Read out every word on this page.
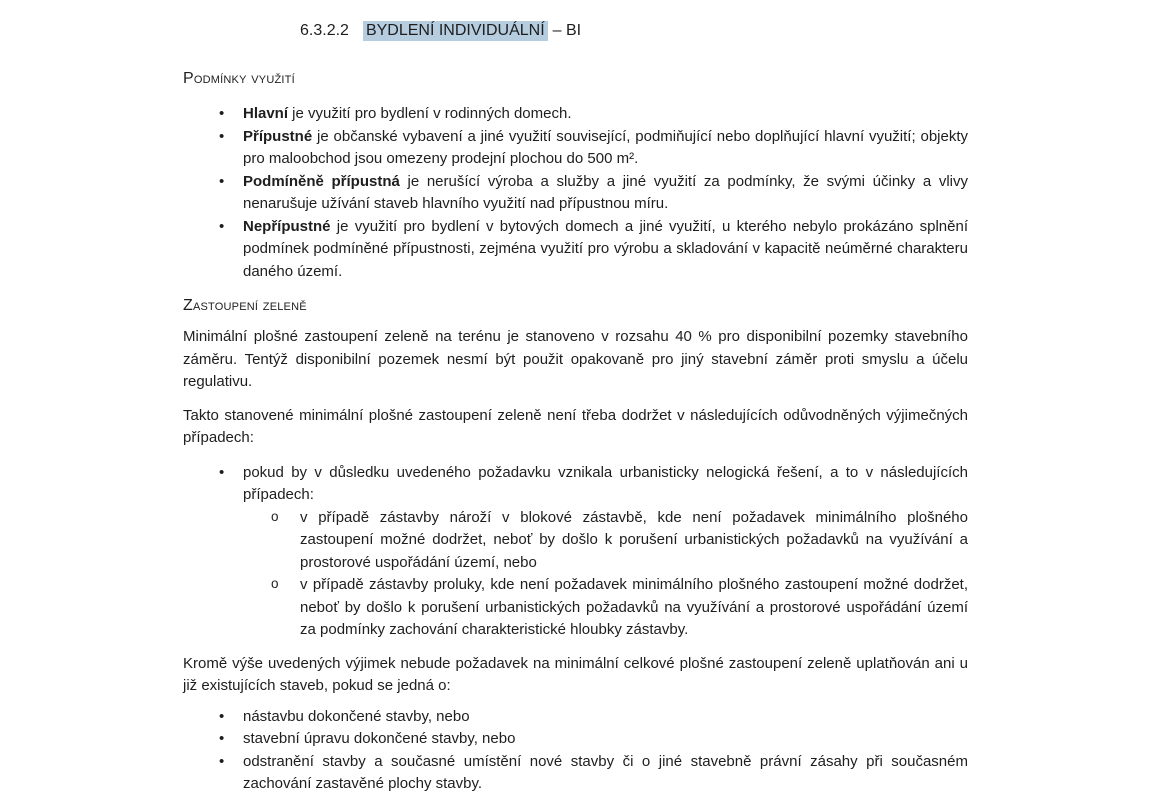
6.3.2.2 BYDLENÍ INDIVIDUÁLNÍ – BI
Podmínky využití
• Hlavní je využití pro bydlení v rodinných domech.
• Přípustné je občanské vybavení a jiné využití související, podmiňující nebo doplňující hlavní využití; objekty pro maloobchod jsou omezeny prodejní plochou do 500 m².
• Podmíněně přípustná je nerušící výroba a služby a jiné využití za podmínky, že svými účinky a vlivy nenarušuje užívání staveb hlavního využití nad přípustnou míru.
• Nepřípustné je využití pro bydlení v bytových domech a jiné využití, u kterého nebylo prokázáno splnění podmínek podmíněné přípustnosti, zejména využití pro výrobu a skladování v kapacitě neúměrné charakteru daného území.
Zastoupení zeleně

Minimální plošné zastoupení zeleně na terénu je stanoveno v rozsahu 40 % pro disponibilní pozemky stavebního záměru. Tentýž disponibilní pozemek nesmí být použit opakovaně pro jiný stavební záměr proti smyslu a účelu regulativu.

Takto stanovené minimální plošné zastoupení zeleně není třeba dodržet v následujících odůvodněných výjimečných případech:

• pokud by v důsledku uvedeného požadavku vznikala urbanisticky nelogická řešení, a to v následujících případech:
o v případě zástavby nároží v blokové zástavbě, kde není požadavek minimálního plošného zastoupení možné dodržet, neboť by došlo k porušení urbanistických požadavků na využívání a prostorové uspořádání území, nebo
o v případě zástavby proluky, kde není požadavek minimálního plošného zastoupení možné dodržet, neboť by došlo k porušení urbanistických požadavků na využívání a prostorové uspořádání území za podmínky zachování charakteristické hloubky zástavby.

Kromě výše uvedených výjimek nebude požadavek na minimální celkové plošné zastoupení zeleně uplatňován ani u již existujících staveb, pokud se jedná o:

• nástavbu dokončené stavby, nebo
• stavební úpravu dokončené stavby, nebo
• odstranění stavby a současné umístění nové stavby či o jiné stavebně právní zásahy při současném zachování zastavěné plochy stavby.
